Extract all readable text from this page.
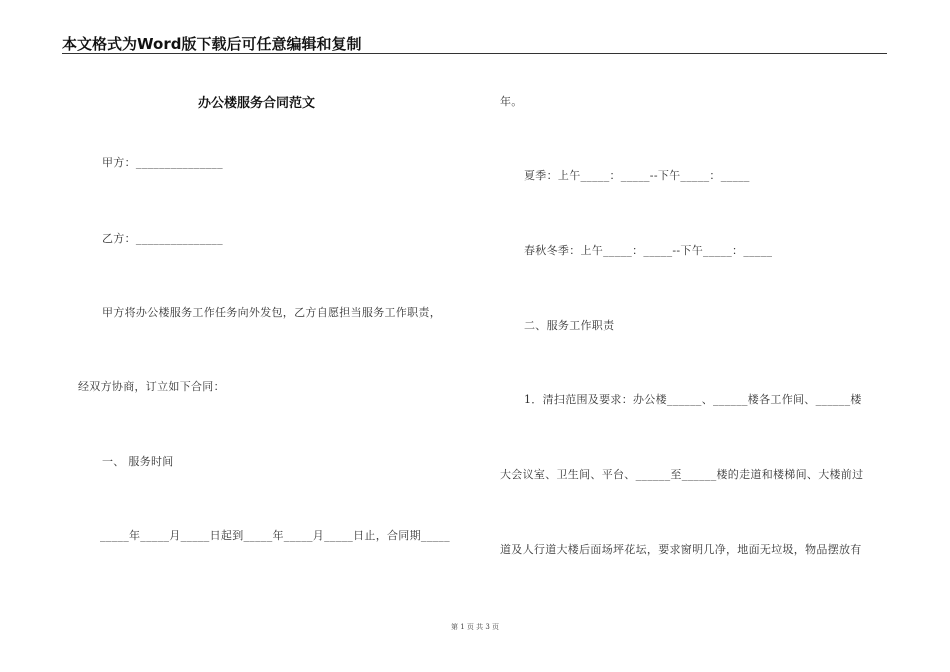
本文格式为Word版下载后可任意编辑和复制
办公楼服务合同范文
甲方：_______________
乙方：_______________
甲方将办公楼服务工作任务向外发包，乙方自愿担当服务工作职责，
经双方协商，订立如下合同：
一、 服务时间
_____年_____月_____日起到_____年_____月_____日止，合同期_____
年。
夏季：上午_____：_____--下午_____：_____
春秋冬季：上午_____：_____--下午_____：_____
二、服务工作职责
1．清扫范围及要求：办公楼______、______楼各工作间、______楼
大会议室、卫生间、平台、______至______楼的走道和楼梯间、大楼前过
道及人行道大楼后面场坪花坛，要求窗明几净，地面无垃圾，物品摆放有
第 1 页 共 3 页
